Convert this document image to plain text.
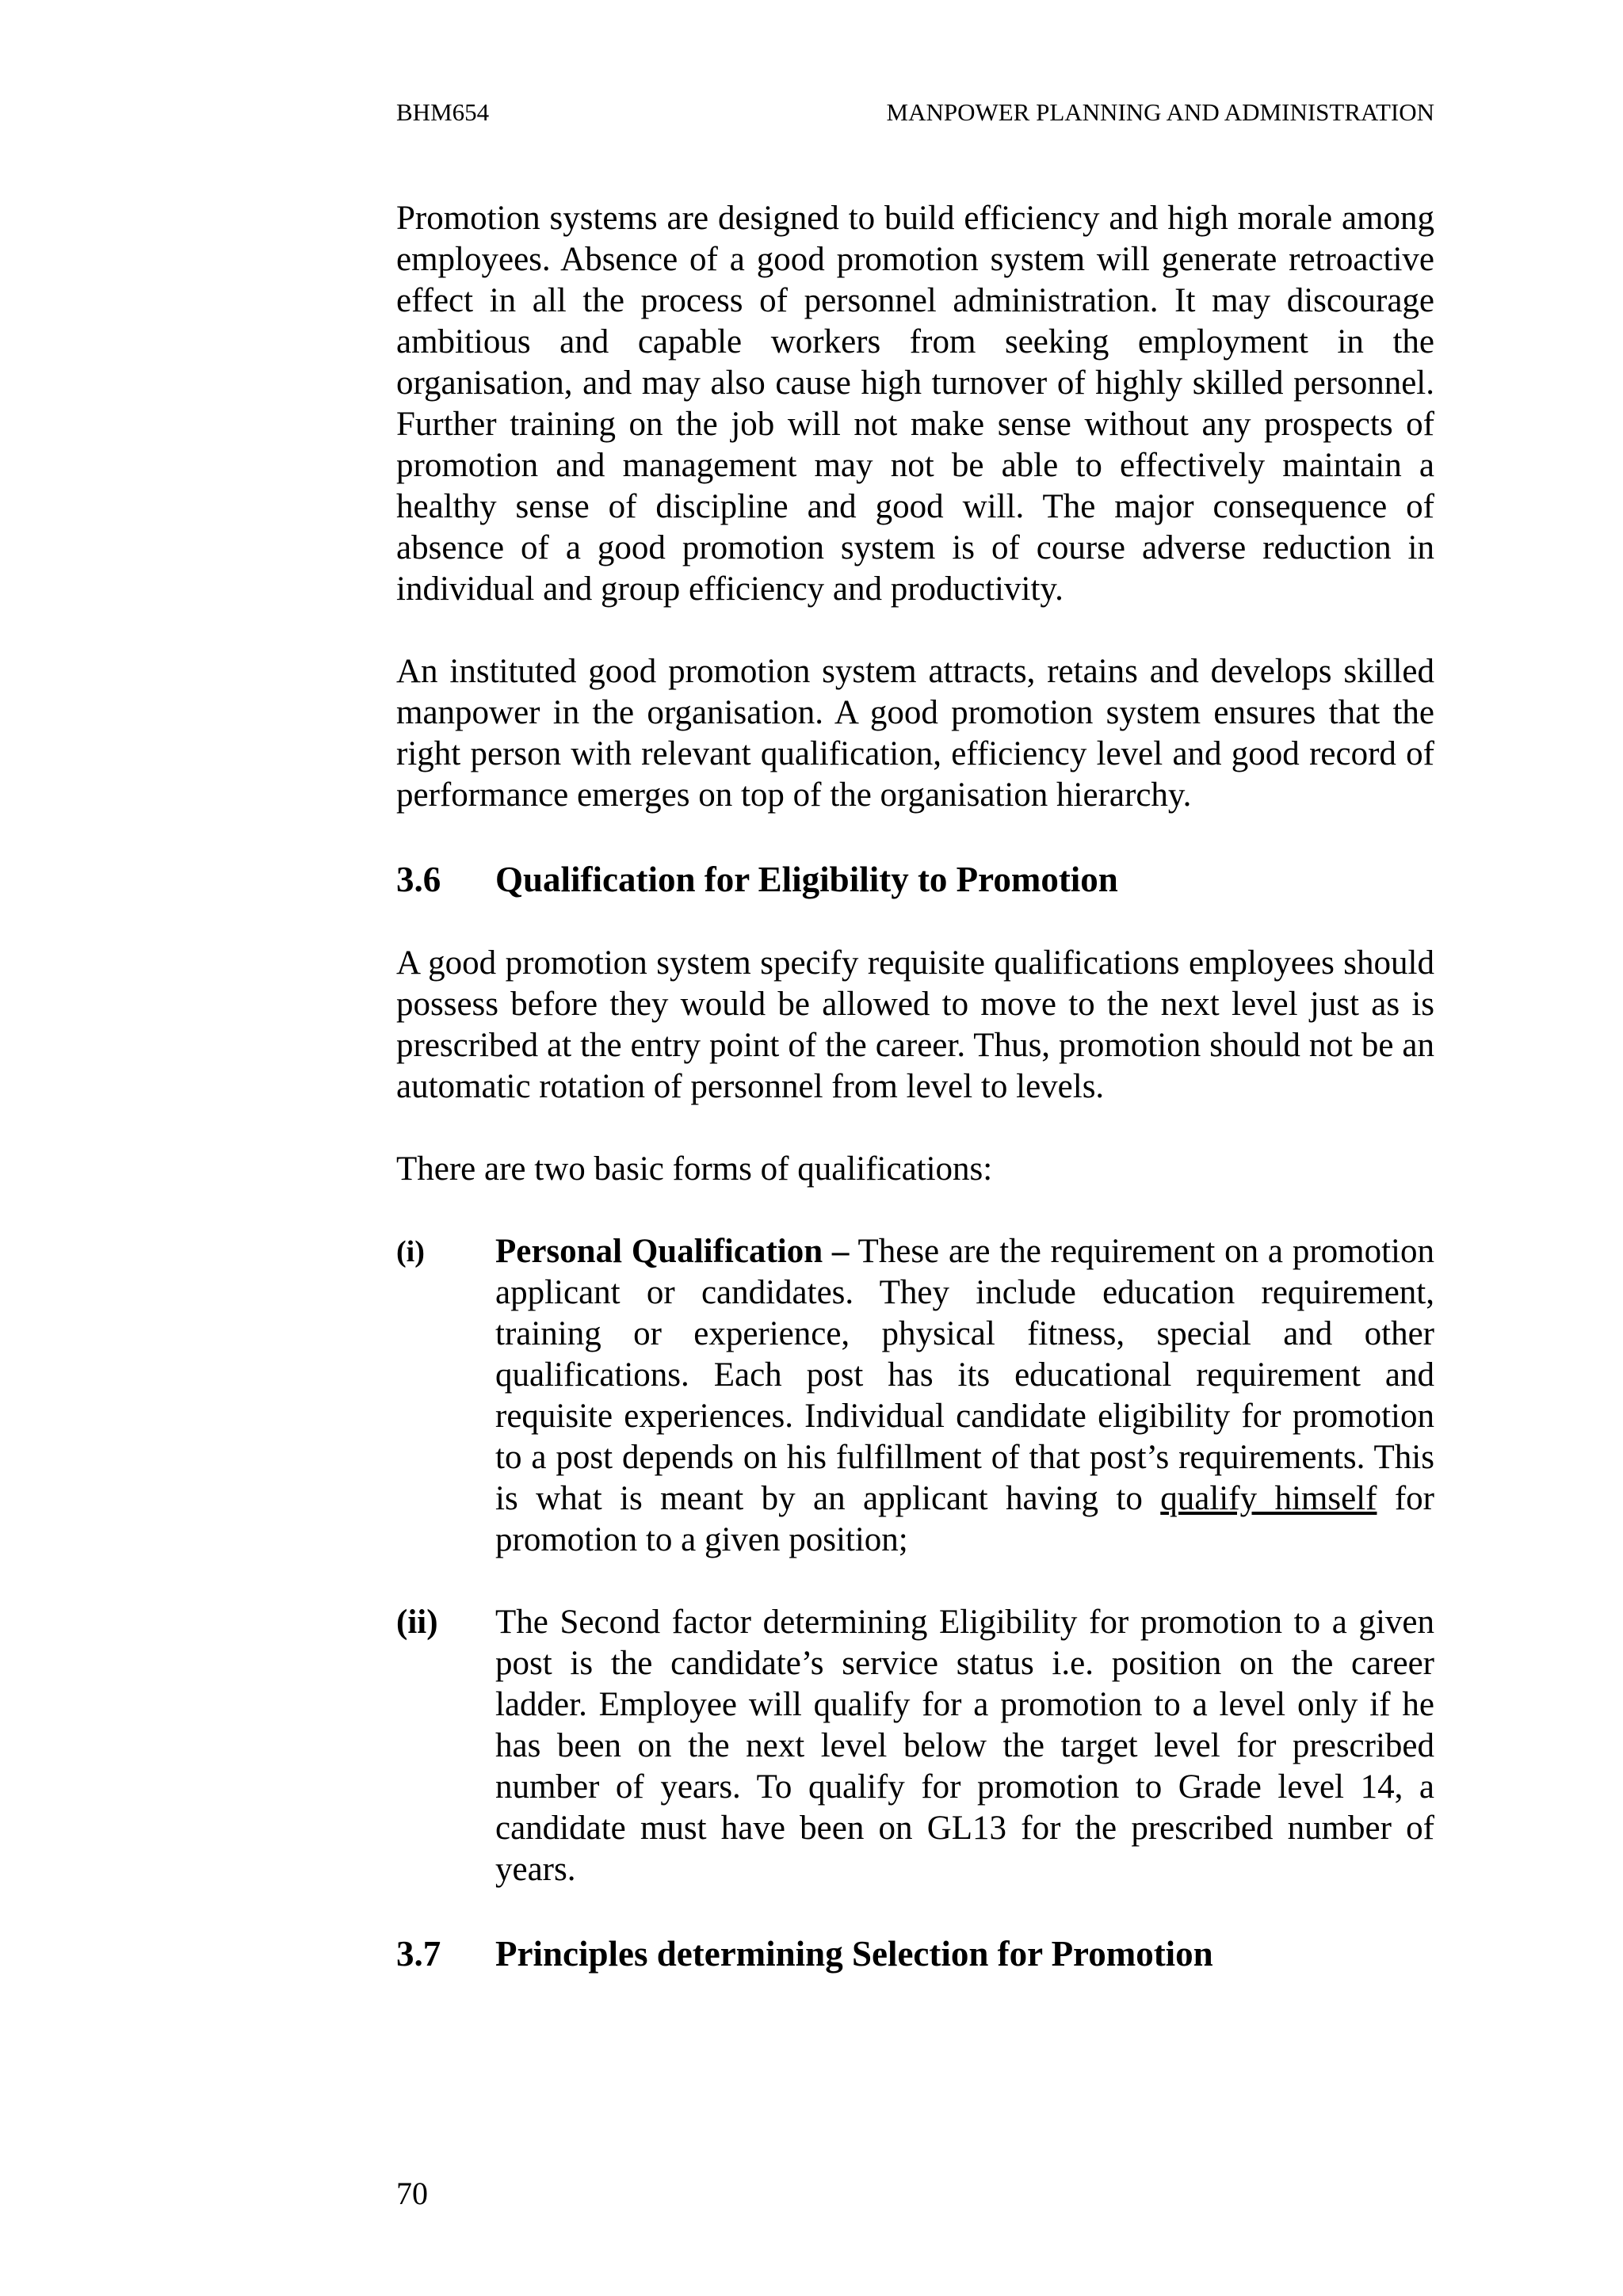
BHM654	MANPOWER PLANNING AND ADMINISTRATION

Promotion systems are designed to build efficiency and high morale among employees. Absence of a good promotion system will generate retroactive effect in all the process of personnel administration. It may discourage ambitious and capable workers from seeking employment in the organisation, and may also cause high turnover of highly skilled personnel. Further training on the job will not make sense without any prospects of promotion and management may not be able to effectively maintain a healthy sense of discipline and good will. The major consequence of absence of a good promotion system is of course adverse reduction in individual and group efficiency and productivity.

An instituted good promotion system attracts, retains and develops skilled manpower in the organisation. A good promotion system ensures that the right person with relevant qualification, efficiency level and good record of performance emerges on top of the organisation hierarchy.

3.6	Qualification for Eligibility to Promotion

A good promotion system specify requisite qualifications employees should possess before they would be allowed to move to the next level just as is prescribed at the entry point of the career. Thus, promotion should not be an automatic rotation of personnel from level to levels.

There are two basic forms of qualifications:

(i)	Personal Qualification – These are the requirement on a promotion applicant or candidates. They include education requirement, training or experience, physical fitness, special and other qualifications. Each post has its educational requirement and requisite experiences. Individual candidate eligibility for promotion to a post depends on his fulfillment of that post’s requirements. This is what is meant by an applicant having to qualify himself for promotion to a given position;
(ii)	The Second factor determining Eligibility for promotion to a given post is the candidate’s service status i.e. position on the career ladder. Employee will qualify for a promotion to a level only if he has been on the next level below the target level for prescribed number of years. To qualify for promotion to Grade level 14, a candidate must have been on GL13 for the prescribed number of years.
3.7	Principles determining Selection for Promotion
70
